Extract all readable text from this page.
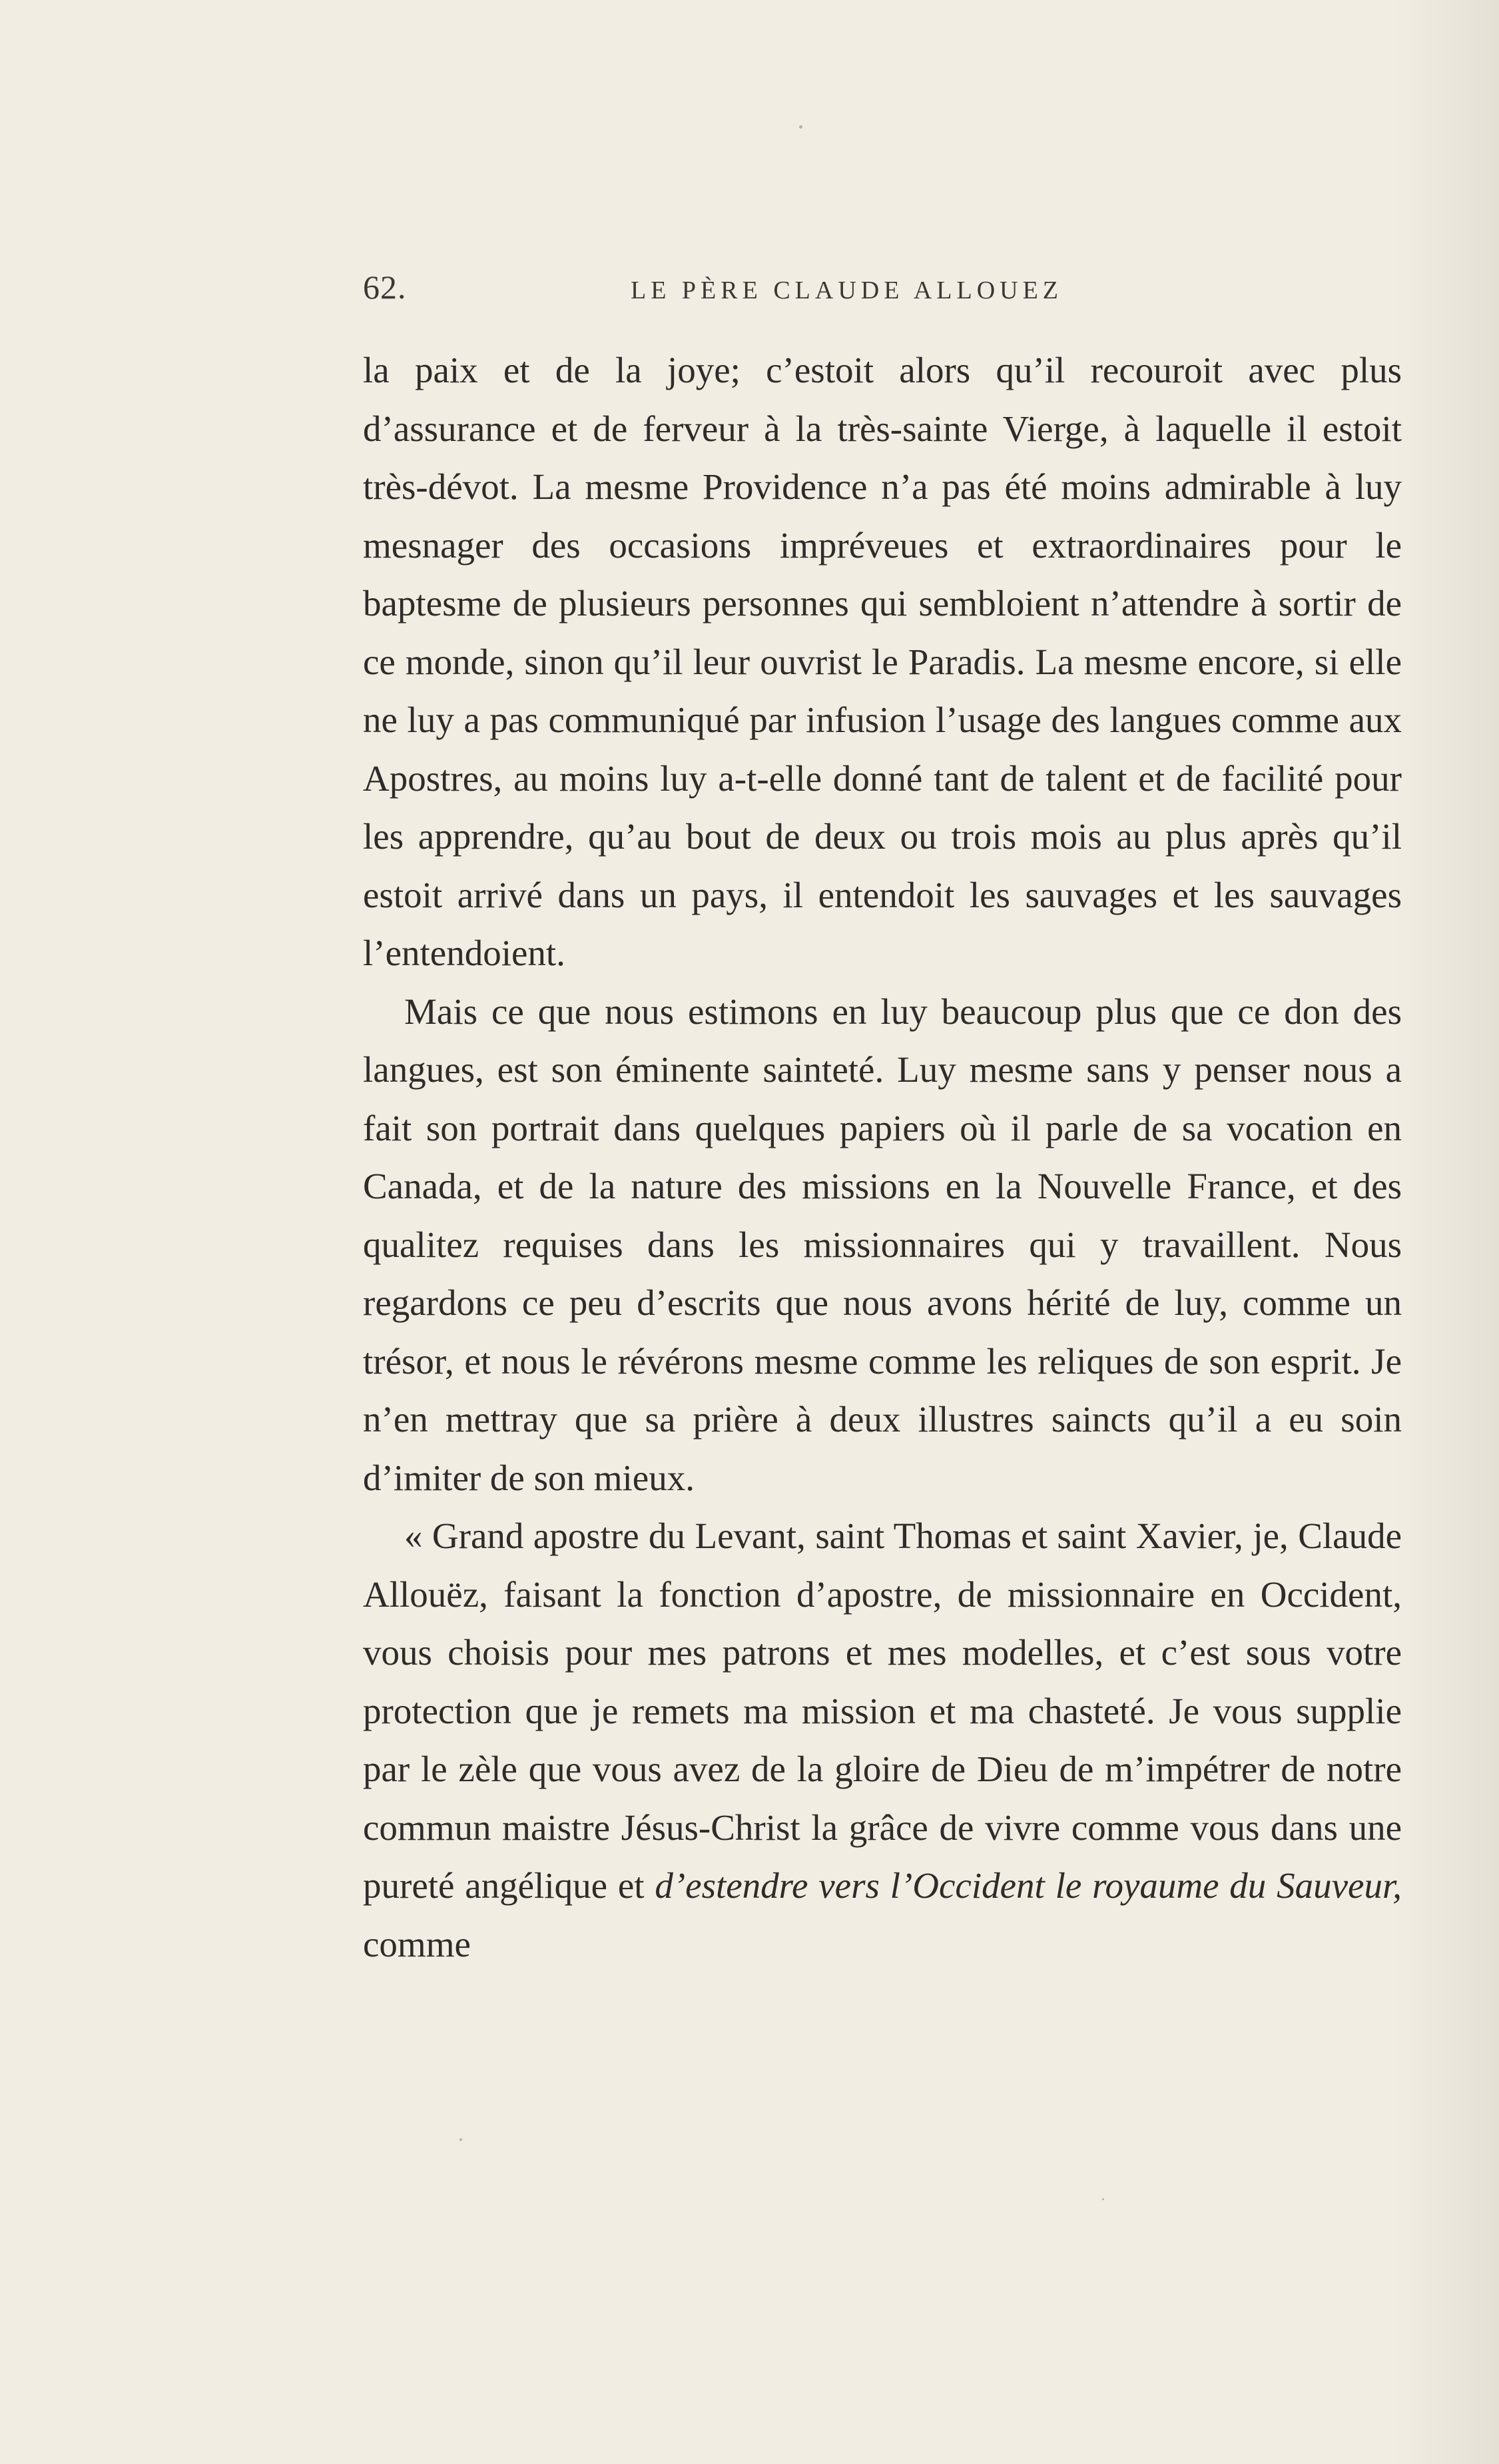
62.	LE PÈRE CLAUDE ALLOUEZ

la paix et de la joye; c’estoit alors qu’il recouroit avec plus d’assurance et de ferveur à la très-sainte Vierge, à laquelle il estoit très-dévot. La mesme Providence n’a pas été moins admirable à luy mesnager des occasions impréveues et extraordinaires pour le baptesme de plusieurs personnes qui sembloient n’attendre à sortir de ce monde, sinon qu’il leur ouvrist le Paradis. La mesme encore, si elle ne luy a pas communiqué par infusion l’usage des langues comme aux Apostres, au moins luy a-t-elle donné tant de talent et de facilité pour les apprendre, qu’au bout de deux ou trois mois au plus après qu’il estoit arrivé dans un pays, il entendoit les sauvages et les sauvages l’entendoient.

Mais ce que nous estimons en luy beaucoup plus que ce don des langues, est son éminente sainteté. Luy mesme sans y penser nous a fait son portrait dans quelques papiers où il parle de sa vocation en Canada, et de la nature des missions en la Nouvelle France, et des qualitez requises dans les missionnaires qui y travaillent. Nous regardons ce peu d’escrits que nous avons hérité de luy, comme un trésor, et nous le révérons mesme comme les reliques de son esprit. Je n’en mettray que sa prière à deux illustres saincts qu’il a eu soin d’imiter de son mieux.

« Grand apostre du Levant, saint Thomas et saint Xavier, je, Claude Allouëz, faisant la fonction d’apostre, de missionnaire en Occident, vous choisis pour mes patrons et mes modelles, et c’est sous votre protection que je remets ma mission et ma chasteté. Je vous supplie par le zèle que vous avez de la gloire de Dieu de m’impétrer de notre commun maistre Jésus-Christ la grâce de vivre comme vous dans une pureté angélique et d’estendre vers l’Occident le royaume du Sauveur, comme
